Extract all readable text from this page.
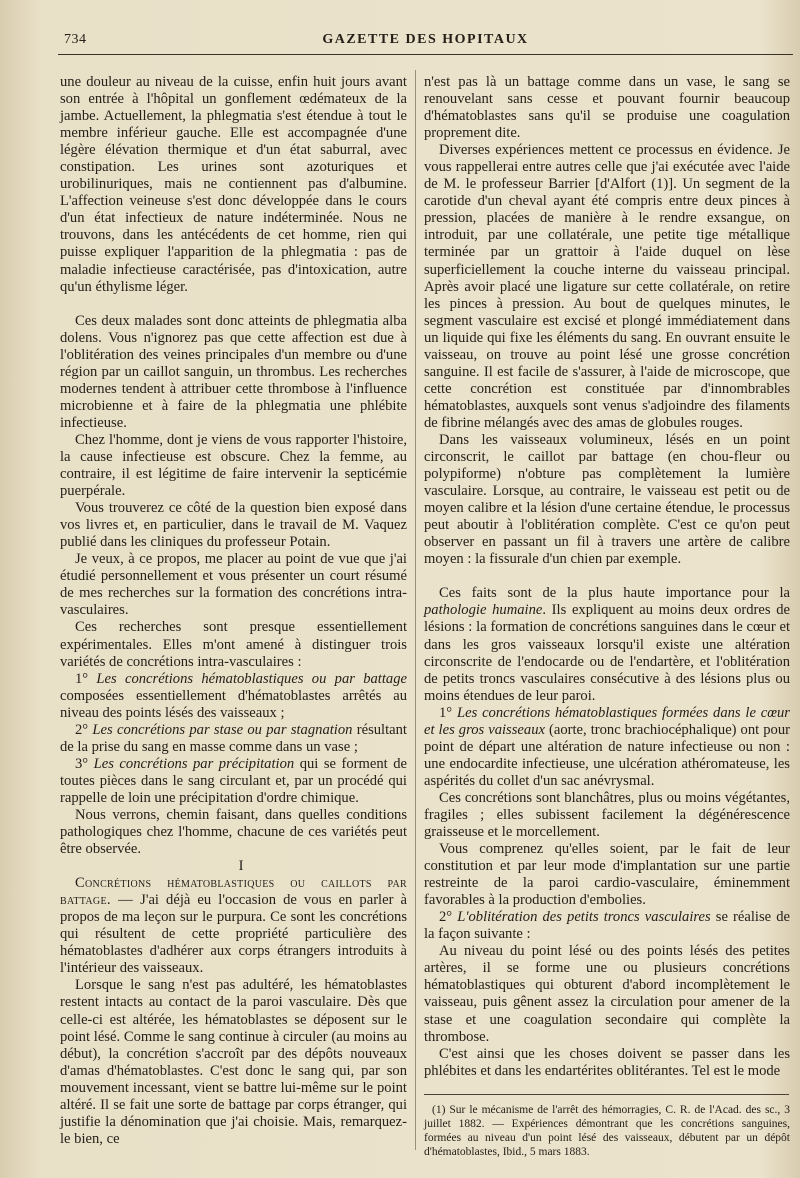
734	GAZETTE DES HOPITAUX

une douleur au niveau de la cuisse, enfin huit jours avant son entrée à l'hôpital un gonflement œdémateux de la jambe. Actuellement, la phlegmatia s'est étendue à tout le membre inférieur gauche. Elle est accompagnée d'une légère élévation thermique et d'un état saburral, avec constipation. Les urines sont azoturiques et urobilinuriques, mais ne contiennent pas d'albumine. L'affection veineuse s'est donc développée dans le cours d'un état infectieux de nature indéterminée. Nous ne trouvons, dans les antécédents de cet homme, rien qui puisse expliquer l'apparition de la phlegmatia : pas de maladie infectieuse caractérisée, pas d'intoxication, autre qu'un éthylisme léger.

Ces deux malades sont donc atteints de phlegmatia alba dolens. Vous n'ignorez pas que cette affection est due à l'oblitération des veines principales d'un membre ou d'une région par un caillot sanguin, un thrombus. Les recherches modernes tendent à attribuer cette thrombose à l'influence microbienne et à faire de la phlegmatia une phlébite infectieuse.

Chez l'homme, dont je viens de vous rapporter l'histoire, la cause infectieuse est obscure. Chez la femme, au contraire, il est légitime de faire intervenir la septicémie puerpérale.

Vous trouverez ce côté de la question bien exposé dans vos livres et, en particulier, dans le travail de M. Vaquez publié dans les cliniques du professeur Potain.

Je veux, à ce propos, me placer au point de vue que j'ai étudié personnellement et vous présenter un court résumé de mes recherches sur la formation des concrétions intra-vasculaires.

Ces recherches sont presque essentiellement expérimentales. Elles m'ont amené à distinguer trois variétés de concrétions intra-vasculaires :

1° Les concrétions hématoblastiques ou par battage composées essentiellement d'hématoblastes arrêtés au niveau des points lésés des vaisseaux ;

2° Les concrétions par stase ou par stagnation résultant de la prise du sang en masse comme dans un vase ;

3° Les concrétions par précipitation qui se forment de toutes pièces dans le sang circulant et, par un procédé qui rappelle de loin une précipitation d'ordre chimique.

Nous verrons, chemin faisant, dans quelles conditions pathologiques chez l'homme, chacune de ces variétés peut être observée.

I

Concrétions hématoblastiques ou caillots par battage. — J'ai déjà eu l'occasion de vous en parler à propos de ma leçon sur le purpura. Ce sont les concrétions qui résultent de cette propriété particulière des hématoblastes d'adhérer aux corps étrangers introduits à l'intérieur des vaisseaux.

Lorsque le sang n'est pas adultéré, les hématoblastes restent intacts au contact de la paroi vasculaire. Dès que celle-ci est altérée, les hématoblastes se déposent sur le point lésé. Comme le sang continue à circuler (au moins au début), la concrétion s'accroît par des dépôts nouveaux d'amas d'hématoblastes. C'est donc le sang qui, par son mouvement incessant, vient se battre lui-même sur le point altéré. Il se fait une sorte de battage par corps étranger, qui justifie la dénomination que j'ai choisie. Mais, remarquez-le bien, ce

n'est pas là un battage comme dans un vase, le sang se renouvelant sans cesse et pouvant fournir beaucoup d'hématoblastes sans qu'il se produise une coagulation proprement dite.

Diverses expériences mettent ce processus en évidence. Je vous rappellerai entre autres celle que j'ai exécutée avec l'aide de M. le professeur Barrier [d'Alfort (1)]. Un segment de la carotide d'un cheval ayant été compris entre deux pinces à pression, placées de manière à le rendre exsangue, on introduit, par une collatérale, une petite tige métallique terminée par un grattoir à l'aide duquel on lèse superficiellement la couche interne du vaisseau principal. Après avoir placé une ligature sur cette collatérale, on retire les pinces à pression. Au bout de quelques minutes, le segment vasculaire est excisé et plongé immédiatement dans un liquide qui fixe les éléments du sang. En ouvrant ensuite le vaisseau, on trouve au point lésé une grosse concrétion sanguine. Il est facile de s'assurer, à l'aide de microscope, que cette concrétion est constituée par d'innombrables hématoblastes, auxquels sont venus s'adjoindre des filaments de fibrine mélangés avec des amas de globules rouges.

Dans les vaisseaux volumineux, lésés en un point circonscrit, le caillot par battage (en chou-fleur ou polypiforme) n'obture pas complètement la lumière vasculaire. Lorsque, au contraire, le vaisseau est petit ou de moyen calibre et la lésion d'une certaine étendue, le processus peut aboutir à l'oblitération complète. C'est ce qu'on peut observer en passant un fil à travers une artère de calibre moyen : la fissurale d'un chien par exemple.

Ces faits sont de la plus haute importance pour la pathologie humaine. Ils expliquent au moins deux ordres de lésions : la formation de concrétions sanguines dans le cœur et dans les gros vaisseaux lorsqu'il existe une altération circonscrite de l'endocarde ou de l'endartère, et l'oblitération de petits troncs vasculaires consécutive à des lésions plus ou moins étendues de leur paroi.

1° Les concrétions hématoblastiques formées dans le cœur et les gros vaisseaux (aorte, tronc brachiocéphalique) ont pour point de départ une altération de nature infectieuse ou non : une endocardite infectieuse, une ulcération athéromateuse, les aspérités du collet d'un sac anévrysmal.

Ces concrétions sont blanchâtres, plus ou moins végétantes, fragiles ; elles subissent facilement la dégénérescence graisseuse et le morcellement.

Vous comprenez qu'elles soient, par le fait de leur constitution et par leur mode d'implantation sur une partie restreinte de la paroi cardio-vasculaire, éminemment favorables à la production d'embolies.

2° L'oblitération des petits troncs vasculaires se réalise de la façon suivante :

Au niveau du point lésé ou des points lésés des petites artères, il se forme une ou plusieurs concrétions hématoblastiques qui obturent d'abord incomplètement le vaisseau, puis gênent assez la circulation pour amener de la stase et une coagulation secondaire qui complète la thrombose.

C'est ainsi que les choses doivent se passer dans les phlébites et dans les endartérites oblitérantes. Tel est le mode

(1) Sur le mécanisme de l'arrêt des hémorragies, C. R. de l'Acad. des sc., 3 juillet 1882. — Expériences démontrant que les concrétions sanguines, formées au niveau d'un point lésé des vaisseaux, débutent par un dépôt d'hématoblastes, Ibid., 5 mars 1883.
